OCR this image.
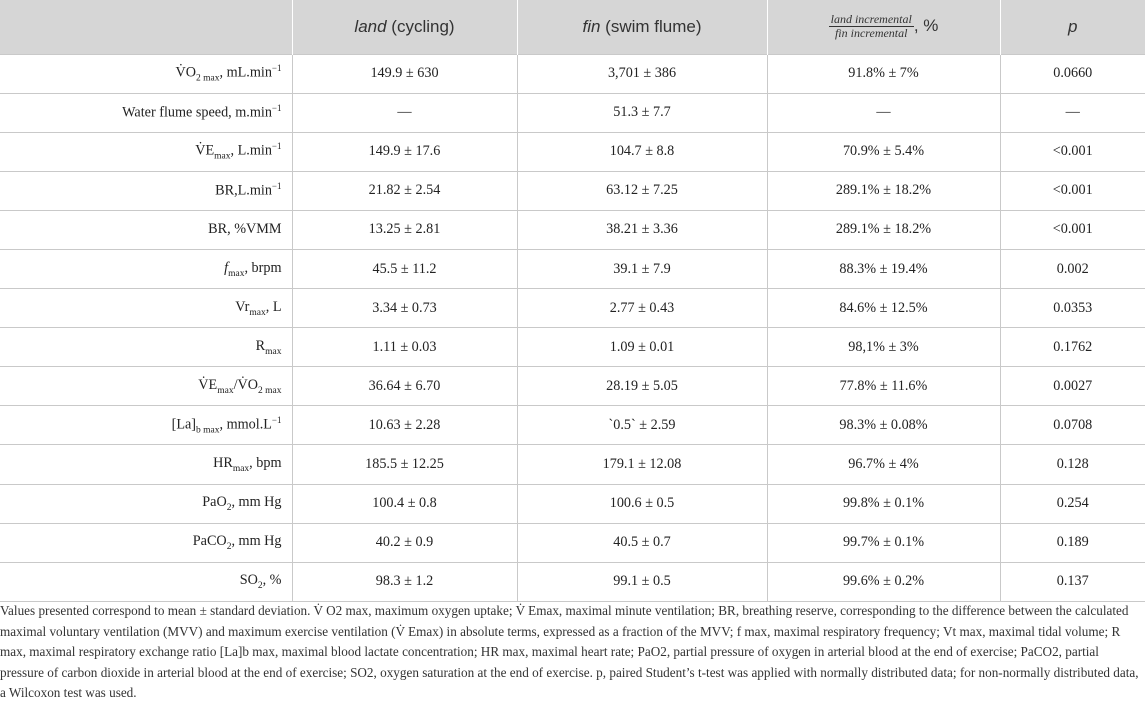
	land (cycling)	fin (swim flume)	$\frac{\text{land incremental}}{\text{fin incremental}}$ , %	p
$V̇O_{2 max}$, $mL.\min^{-1}$	149.9 ± 630	3,701 ± 386	91.8% ± 7%	0.0660
Water flume speed, $m.\min^{-1}$	—	51.3 ± 7.7	—	—
$V̇E_{max}$, $L.\min^{-1}$	149.9 ± 17.6	104.7 ± 8.8	70.9% ± 5.4%	<0.001
$BR,L.\min^{-1}$	21.82 ± 2.54	63.12 ± 7.25	289.1% ± 18.2%	<0.001
BR, %VMM	13.25 ± 2.81	38.21 ± 3.36	289.1% ± 18.2%	<0.001
$f_{max}$, brpm	45.5 ± 11.2	39.1 ± 7.9	88.3% ± 19.4%	0.002
$Vr_{max}$, L	3.34 ± 0.73	2.77 ± 0.43	84.6% ± 12.5%	0.0353
$R_{max}$	1.11 ± 0.03	1.09 ± 0.01	98,1% ± 3%	0.1762
$V̇E_{max}/V̇O_{2 max}$	36.64 ± 6.70	28.19 ± 5.05	77.8% ± 11.6%	0.0027
$[La]_{b max}$, $mmol.L^{-1}$	10.63 ± 2.28	`0.5` ± 2.59	98.3% ± 0.08%	0.0708
$HR_{max}$, bpm	185.5 ± 12.25	179.1 ± 12.08	96.7% ± 4%	0.128
PaO$_2$, mm Hg	100.4 ± 0.8	100.6 ± 0.5	99.8% ± 0.1%	0.254
PaCO$_2$, mm Hg	40.2 ± 0.9	40.5 ± 0.7	99.7% ± 0.1%	0.189
$SO_2$, %	98.3 ± 1.2	99.1 ± 0.5	99.6% ± 0.2%	0.137
Values presented correspond to mean ± standard deviation. V̇ O2 max, maximum oxygen uptake; V̇ Emax, maximal minute ventilation; BR, breathing reserve, corresponding to the difference between the calculated maximal voluntary ventilation (MVV) and maximum exercise ventilation (V̇ Emax) in absolute terms, expressed as a fraction of the MVV; f max, maximal respiratory frequency; Vt max, maximal tidal volume; R max, maximal respiratory exchange ratio [La]b max, maximal blood lactate concentration; HR max, maximal heart rate; PaO2, partial pressure of oxygen in arterial blood at the end of exercise; PaCO2, partial pressure of carbon dioxide in arterial blood at the end of exercise; SO2, oxygen saturation at the end of exercise. p, paired Student’s t-test was applied with normally distributed data; for non-normally distributed data, a Wilcoxon test was used.
